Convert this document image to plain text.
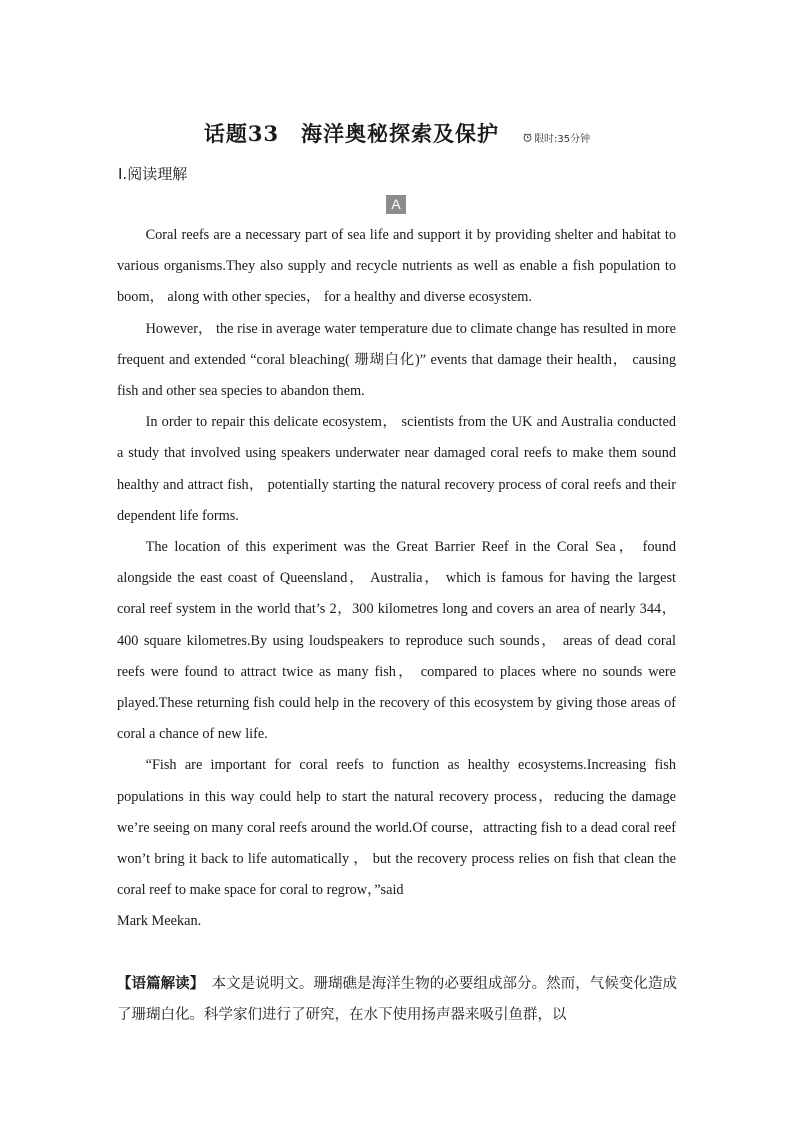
话题33　海洋奥秘探索及保护	限时:35分钟
Ⅰ.阅读理解
A

Coral reefs are a necessary part of sea life and support it by providing shelter and habitat to various organisms.They also supply and recycle nutrients as well as enable a fish population to boom， along with other species， for a healthy and diverse ecosystem.

However， the rise in average water temperature due to climate change has resulted in more frequent and extended “coral bleaching( 珊瑚白化)” events that damage their health， causing fish and other sea species to abandon them.

In order to repair this delicate ecosystem， scientists from the UK and Australia conducted a study that involved using speakers underwater near damaged coral reefs to make them sound healthy and attract fish， potentially starting the natural recovery process of coral reefs and their dependent life forms.

The location of this experiment was the Great Barrier Reef in the Coral Sea， found alongside the east coast of Queensland， Australia， which is famous for having the largest coral reef system in the world that’s 2，300 kilometres long and covers an area of nearly 344，400 square kilometres.By using loudspeakers to reproduce such sounds， areas of dead coral reefs were found to attract twice as many fish， compared to places where no sounds were played.These returning fish could help in the recovery of this ecosystem by giving those areas of coral a chance of new life.

“Fish are important for coral reefs to function as healthy ecosystems.Increasing fish populations in this way could help to start the natural recovery process，reducing the damage we’re seeing on many coral reefs around the world.Of course，attracting fish to a dead coral reef won’t bring it back to life automatically ， but the recovery process relies on fish that clean the coral reef to make space for coral to regrow，”said

Mark Meekan.

【语篇解读】　本文是说明文。珊瑚礁是海洋生物的必要组成部分。然而，气候变化造成了珊瑚白化。科学家们进行了研究，在水下使用扬声器来吸引鱼群，以
